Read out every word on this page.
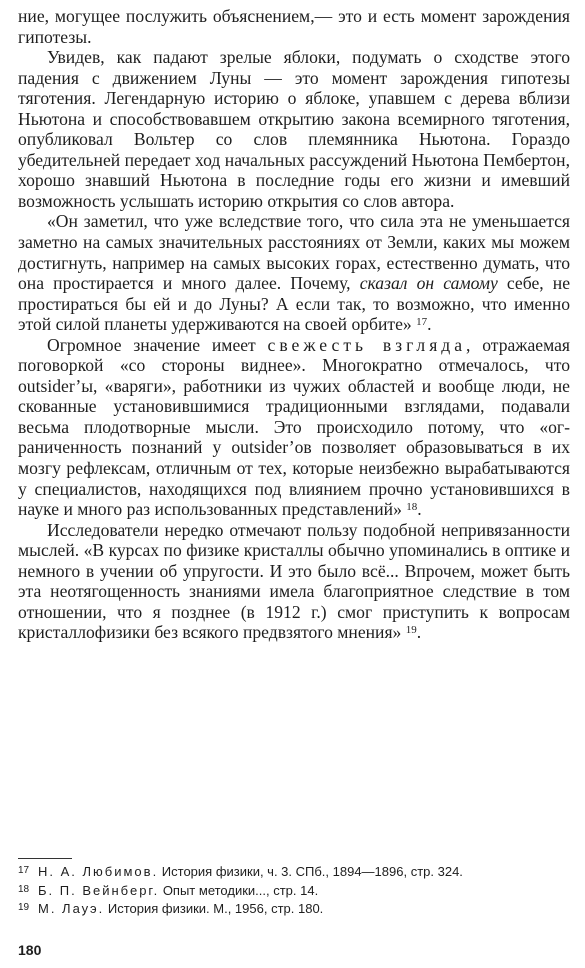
ние, могущее послужить объяснением,— это и есть момент зарождения гипотезы.

Увидев, как падают зрелые яблоки, подумать о сходстве этого падения с движением Луны — это момент зарождения гипотезы тяготения. Легендарную историю о яблоке, упавшем с дерева вблизи Ньютона и способствовавшем открытию закона всемирного тяготения, опубликовал Вольтер со слов племянника Ньютона. Гораздо убедительней передает ход начальных рассуждений Ньютона Пембертон, хорошо знавший Ньютона в последние годы его жизни и имевший возможность услышать историю открытия со слов автора.

«Он заметил, что уже вследствие того, что сила эта не уменьшается заметно на самых значительных расстояниях от Земли, каких мы можем достигнуть, например на самых высоких горах, естественно думать, что она простирается и много далее. Почему, сказал он самому себе, не простираться бы ей и до Луны? А если так, то возможно, что именно этой силой планеты удерживаются на своей орбите» $^{17}$.

Огромное значение имеет свежесть взгляда, отражаемая поговоркой «со стороны виднее». Многократно отмечалось, что outsider’ы, «варяги», работники из чужих областей и вообще люди, не скованные установившимися традиционными взглядами, подавали весьма плодотворные мысли. Это происходило потому, что «ограниченность познаний у outsider’ов позволяет образовываться в их мозгу рефлексам, отличным от тех, которые неизбежно вырабатываются у специалистов, находящихся под влиянием прочно установившихся в науке и много раз использованных представлений» $^{18}$.

Исследователи нередко отмечают пользу подобной непривязанности мыслей. «В курсах по физике кристаллы обычно упоминались в оптике и немного в учении об упругости. И это было всё... Впрочем, может быть эта неотягощенность знаниями имела благоприятное следствие в том отношении, что я позднее (в 1912 г.) смог приступить к вопросам кристаллофизики без всякого предвзятого мнения» $^{19}$.

17 Н. А. Любимов. История физики, ч. 3. СПб., 1894—1896, стр. 324.

18 Б. П. Вейнберг. Опыт методики..., стр. 14.

19 М. Лауэ. История физики. М., 1956, стр. 180.

180
